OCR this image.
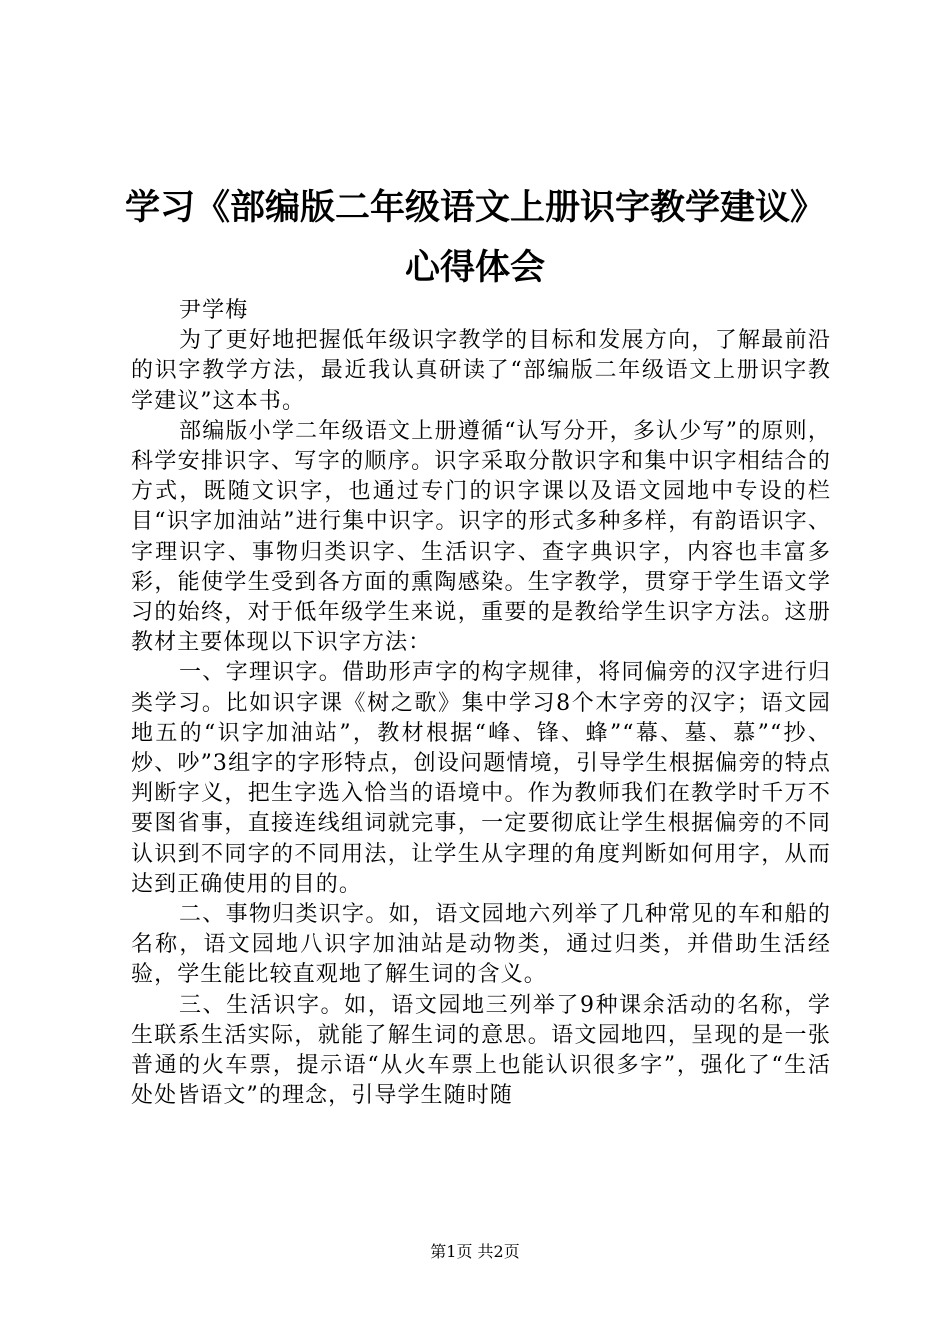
学习《部编版二年级语文上册识字教学建议》
心得体会

尹学梅

为了更好地把握低年级识字教学的目标和发展方向，了解最前沿的识字教学方法，最近我认真研读了“部编版二年级语文上册识字教学建议”这本书。

部编版小学二年级语文上册遵循“认写分开，多认少写”的原则，科学安排识字、写字的顺序。识字采取分散识字和集中识字相结合的方式，既随文识字，也通过专门的识字课以及语文园地中专设的栏目“识字加油站”进行集中识字。识字的形式多种多样，有韵语识字、字理识字、事物归类识字、生活识字、查字典识字，内容也丰富多彩，能使学生受到各方面的熏陶感染。生字教学，贯穿于学生语文学习的始终，对于低年级学生来说，重要的是教给学生识字方法。这册教材主要体现以下识字方法：

一、字理识字。借助形声字的构字规律，将同偏旁的汉字进行归类学习。比如识字课《树之歌》集中学习8个木字旁的汉字；语文园地五的“识字加油站”，教材根据“峰、锋、蜂”“幕、墓、慕”“抄、炒、吵”3组字的字形特点，创设问题情境，引导学生根据偏旁的特点判断字义，把生字选入恰当的语境中。作为教师我们在教学时千万不要图省事，直接连线组词就完事，一定要彻底让学生根据偏旁的不同认识到不同字的不同用法，让学生从字理的角度判断如何用字，从而达到正确使用的目的。

二、事物归类识字。如，语文园地六列举了几种常见的车和船的名称，语文园地八识字加油站是动物类，通过归类，并借助生活经验，学生能比较直观地了解生词的含义。

三、生活识字。如，语文园地三列举了9种课余活动的名称，学生联系生活实际，就能了解生词的意思。语文园地四，呈现的是一张普通的火车票，提示语“从火车票上也能认识很多字”，强化了“生活处处皆语文”的理念，引导学生随时随

第1页 共2页
